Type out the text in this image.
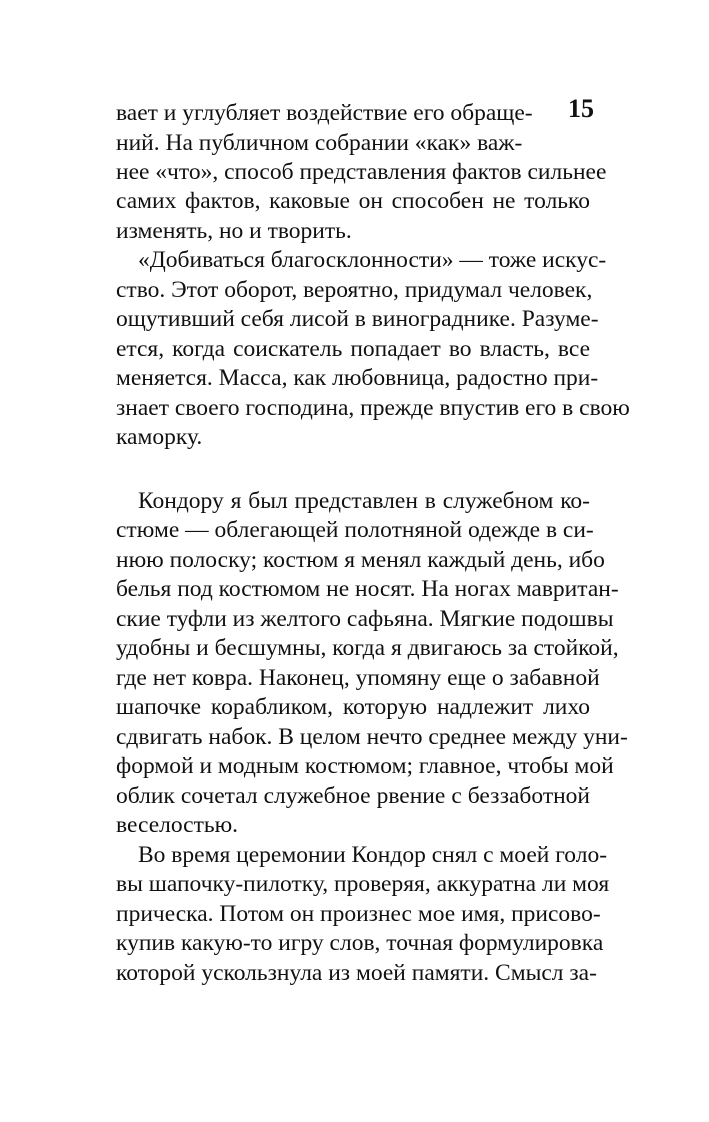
15
вает и углубляет воздействие его обраще-
ний. На публичном собрании «как» важ-
нее «что», способ представления фактов сильнее
самих фактов, каковые он способен не только
изменять, но и творить.
«Добиваться благосклонности» — тоже искус-
ство. Этот оборот, вероятно, придумал человек,
ощутивший себя лисой в винограднике. Разуме-
ется, когда соискатель попадает во власть, все
меняется. Масса, как любовница, радостно при-
знает своего господина, прежде впустив его в свою
каморку.
Кондору я был представлен в служебном ко-
стюме — облегающей полотняной одежде в си-
нюю полоску; костюм я менял каждый день, ибо
белья под костюмом не носят. На ногах мавритан-
ские туфли из желтого сафьяна. Мягкие подошвы
удобны и бесшумны, когда я двигаюсь за стойкой,
где нет ковра. Наконец, упомяну еще о забавной
шапочке корабликом, которую надлежит лихо
сдвигать набок. В целом нечто среднее между уни-
формой и модным костюмом; главное, чтобы мой
облик сочетал служебное рвение с беззаботной
веселостью.
Во время церемонии Кондор снял с моей голо-
вы шапочку-пилотку, проверяя, аккуратна ли моя
прическа. Потом он произнес мое имя, присово-
купив какую-то игру слов, точная формулировка
которой ускользнула из моей памяти. Смысл за-
